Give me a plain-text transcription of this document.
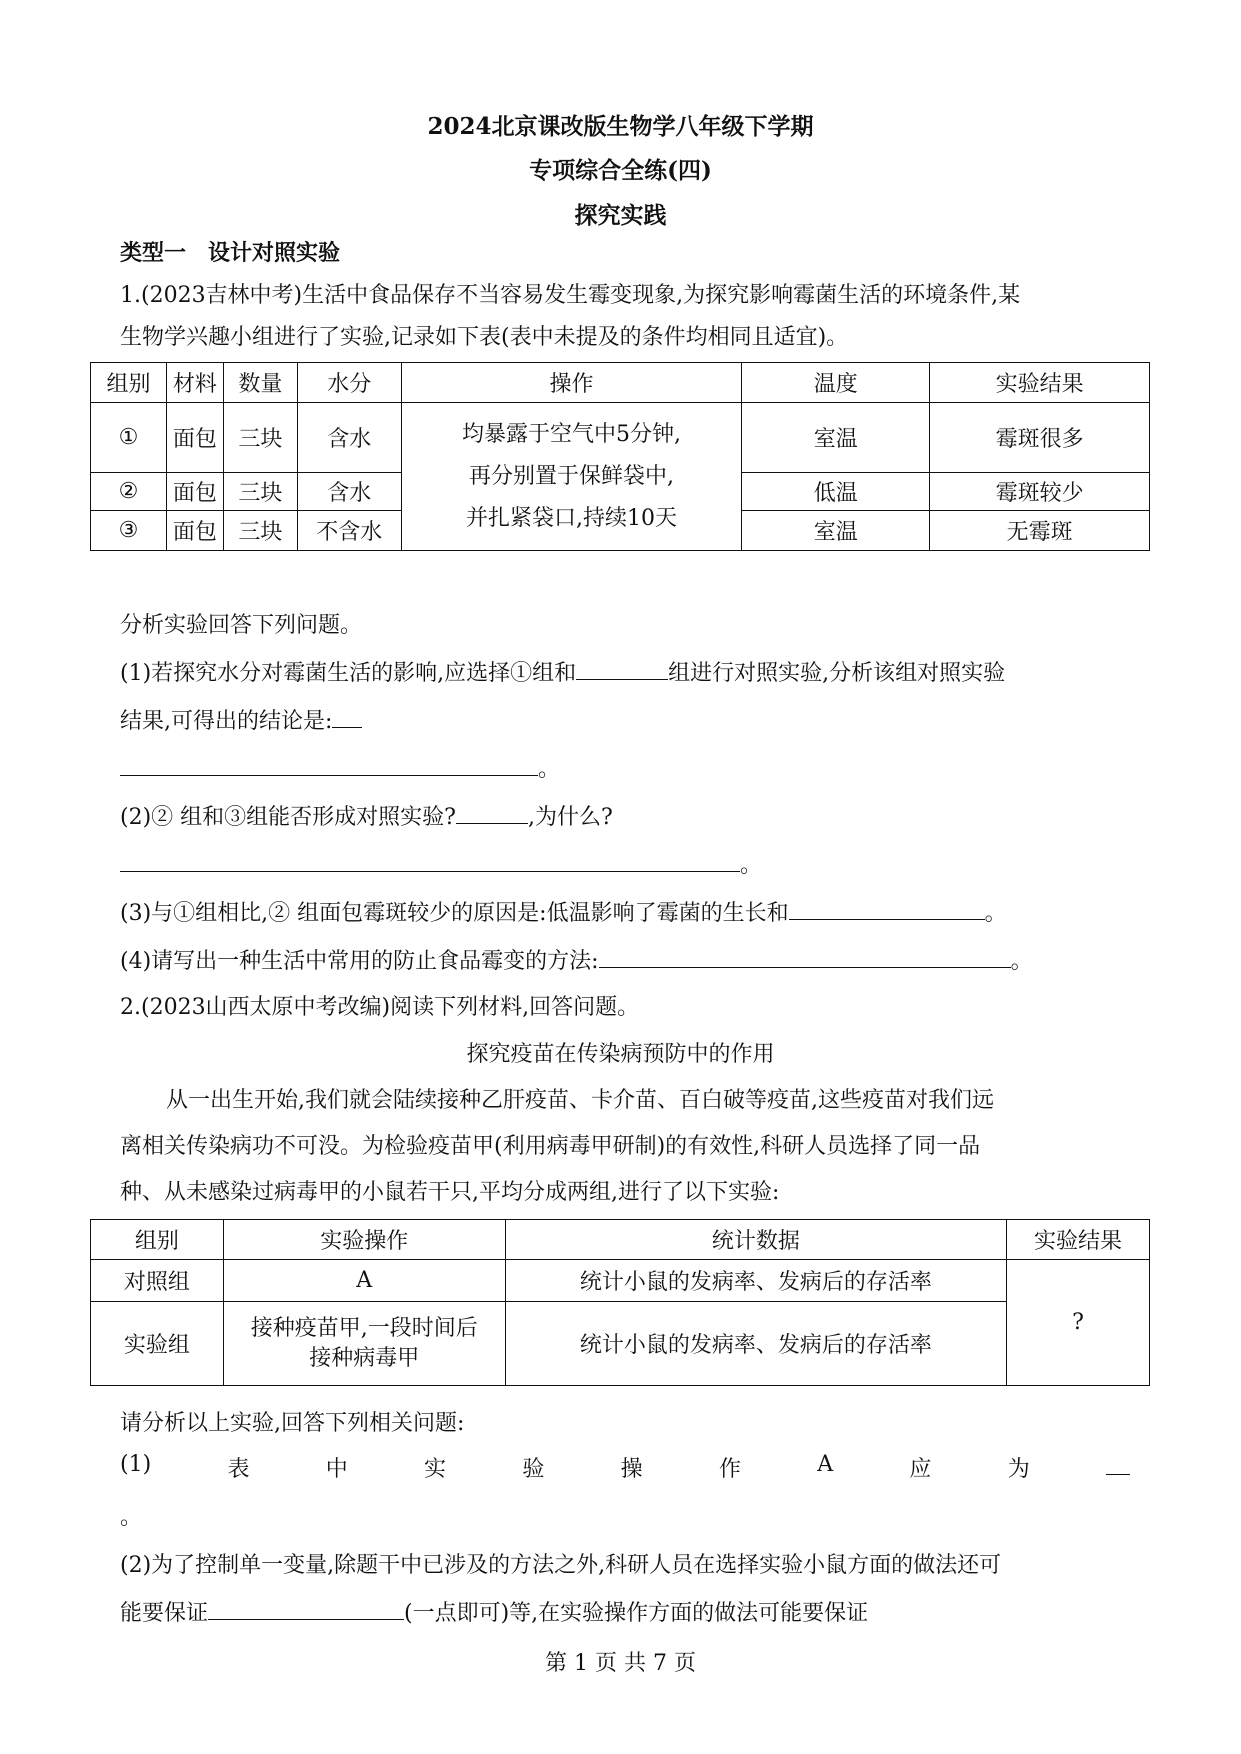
2024北京课改版生物学八年级下学期
专项综合全练(四)
探究实践
类型一　设计对照实验
1.(2023吉林中考)生活中食品保存不当容易发生霉变现象,为探究影响霉菌生活的环境条件,某
生物学兴趣小组进行了实验,记录如下表(表中未提及的条件均相同且适宜)。
组别	材料	数量	水分	操作	温度	实验结果
①	面包	三块	含水	均暴露于空气中5分钟,
再分别置于保鲜袋中,
并扎紧袋口,持续10天	室温	霉斑很多
②	面包	三块	含水		低温	霉斑较少
③	面包	三块	不含水		室温	无霉斑
分析实验回答下列问题。
(1)若探究水分对霉菌生活的影响,应选择①组和	组进行对照实验,分析该组对照实验
结果,可得出的结论是:
。
(2)② 组和③组能否形成对照实验?	,为什么?
。
(3)与①组相比,② 组面包霉斑较少的原因是:低温影响了霉菌的生长和	。
(4)请写出一种生活中常用的防止食品霉变的方法:	。
2.(2023山西太原中考改编)阅读下列材料,回答问题。
探究疫苗在传染病预防中的作用
从一出生开始,我们就会陆续接种乙肝疫苗、卡介苗、百白破等疫苗,这些疫苗对我们远
离相关传染病功不可没。为检验疫苗甲(利用病毒甲研制)的有效性,科研人员选择了同一品
种、从未感染过病毒甲的小鼠若干只,平均分成两组,进行了以下实验:
组别	实验操作	统计数据	实验结果
对照组	A	统计小鼠的发病率、发病后的存活率	?
实验组	接种疫苗甲,一段时间后
接种病毒甲	统计小鼠的发病率、发病后的存活率	
请分析以上实验,回答下列相关问题:
(1)	表	中	实	验	操	作	A	应	为
。
(2)为了控制单一变量,除题干中已涉及的方法之外,科研人员在选择实验小鼠方面的做法还可
能要保证	(一点即可)等,在实验操作方面的做法可能要保证
第 1 页 共 7 页
